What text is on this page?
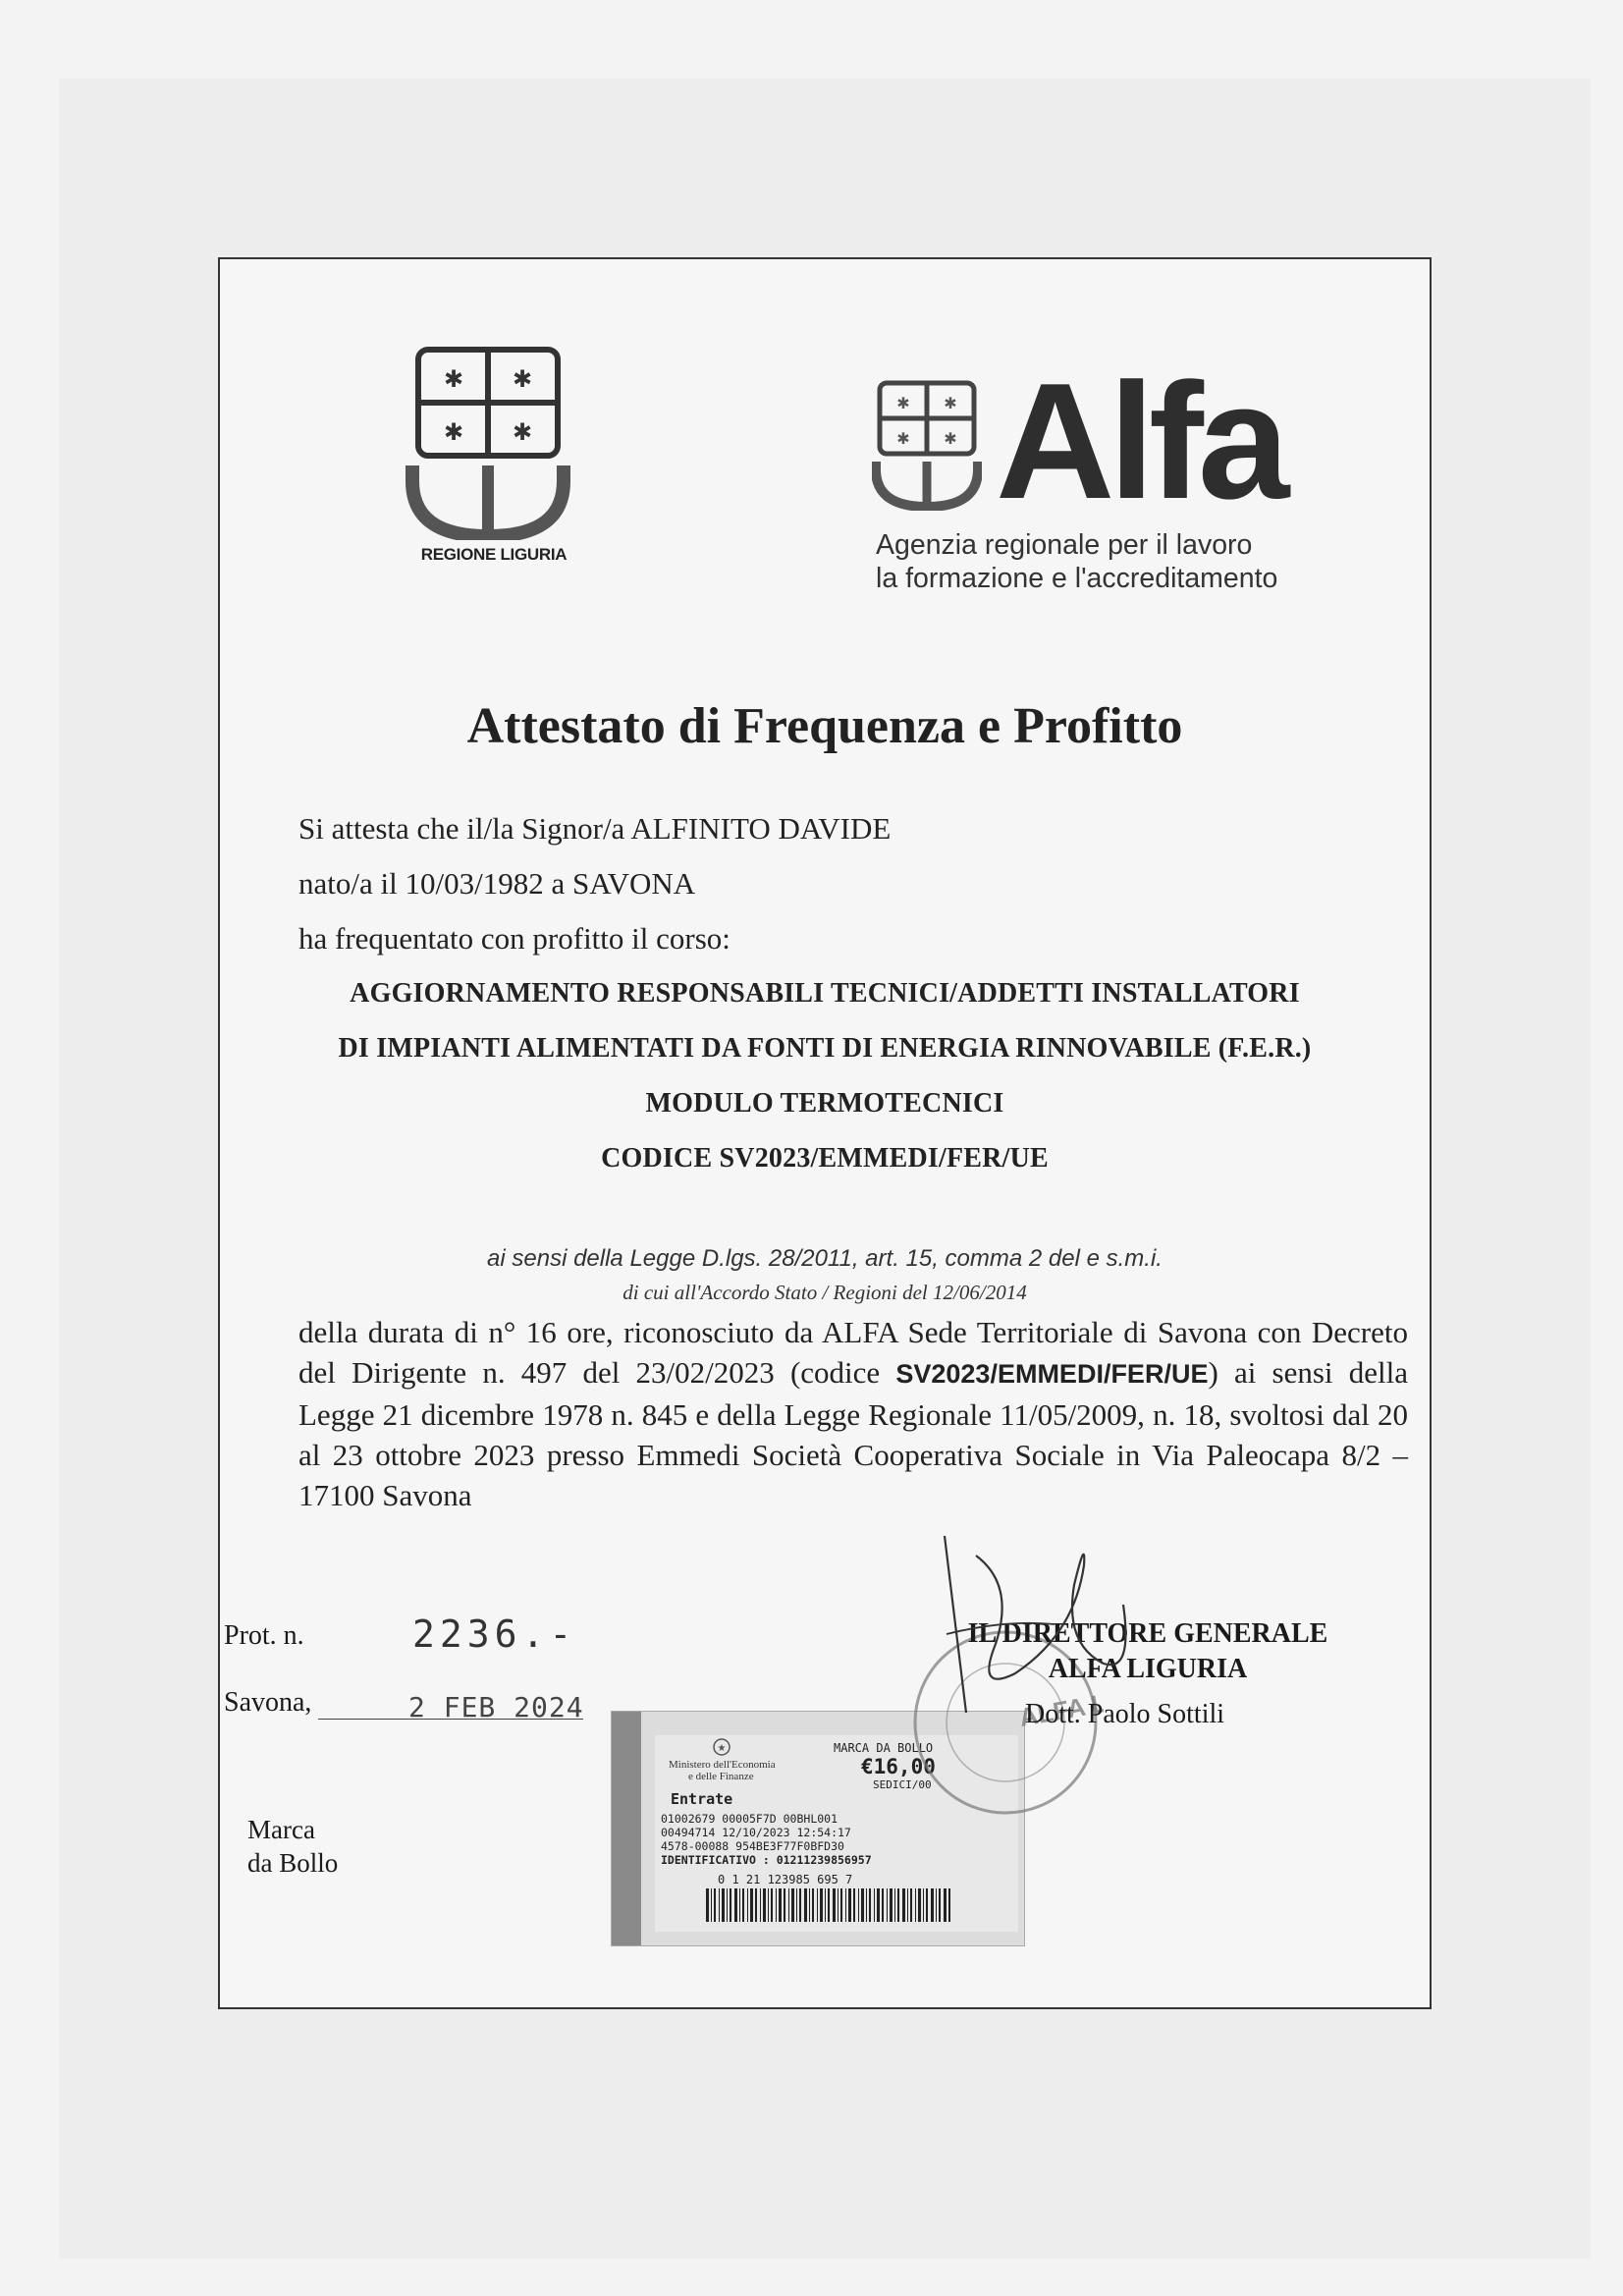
✱ ✱
✱ ✱
REGIONE LIGURIA
✱ ✱
✱ ✱ Alfa
Agenzia regionale per il lavoro
la formazione e l'accreditamento
Attestato di Frequenza e Profitto
Si attesta che il/la Signor/a ALFINITO DAVIDE
nato/a il 10/03/1982 a SAVONA
ha frequentato con profitto il corso:
AGGIORNAMENTO RESPONSABILI TECNICI/ADDETTI INSTALLATORI
DI IMPIANTI ALIMENTATI DA FONTI DI ENERGIA RINNOVABILE (F.E.R.)
MODULO TERMOTECNICI
CODICE SV2023/EMMEDI/FER/UE
ai sensi della Legge D.lgs. 28/2011, art. 15, comma 2 del e s.m.i.
di cui all'Accordo Stato / Regioni del 12/06/2014
della durata di n° 16 ore, riconosciuto da ALFA Sede Territoriale di Savona con Decreto del Dirigente n. 497 del 23/02/2023 (codice SV2023/EMMEDI/FER/UE) ai sensi della Legge 21 dicembre 1978 n. 845 e della Legge Regionale 11/05/2009, n. 18, svoltosi dal 20 al 23 ottobre 2023 presso Emmedi Società Cooperativa Sociale in Via Paleocapa 8/2 – 17100 Savona
Prot. n.	2236.-
Savona,	2 FEB 2024
Marca
da Bollo
★
Ministero dell'Economia
e delle Finanze
MARCA DA BOLLO
€16,00
SEDICI/00
Entrate
01002679 00005F7D 00BHL001
00494714 12/10/2023 12:54:17
4578-00088 954BE3F77F0BFD30
IDENTIFICATIVO : 01211239856957
0 1 21 123985 695 7
ALFA Liguria
IL DIRETTORE GENERALE
ALFA LIGURIA
Dott. Paolo Sottili
